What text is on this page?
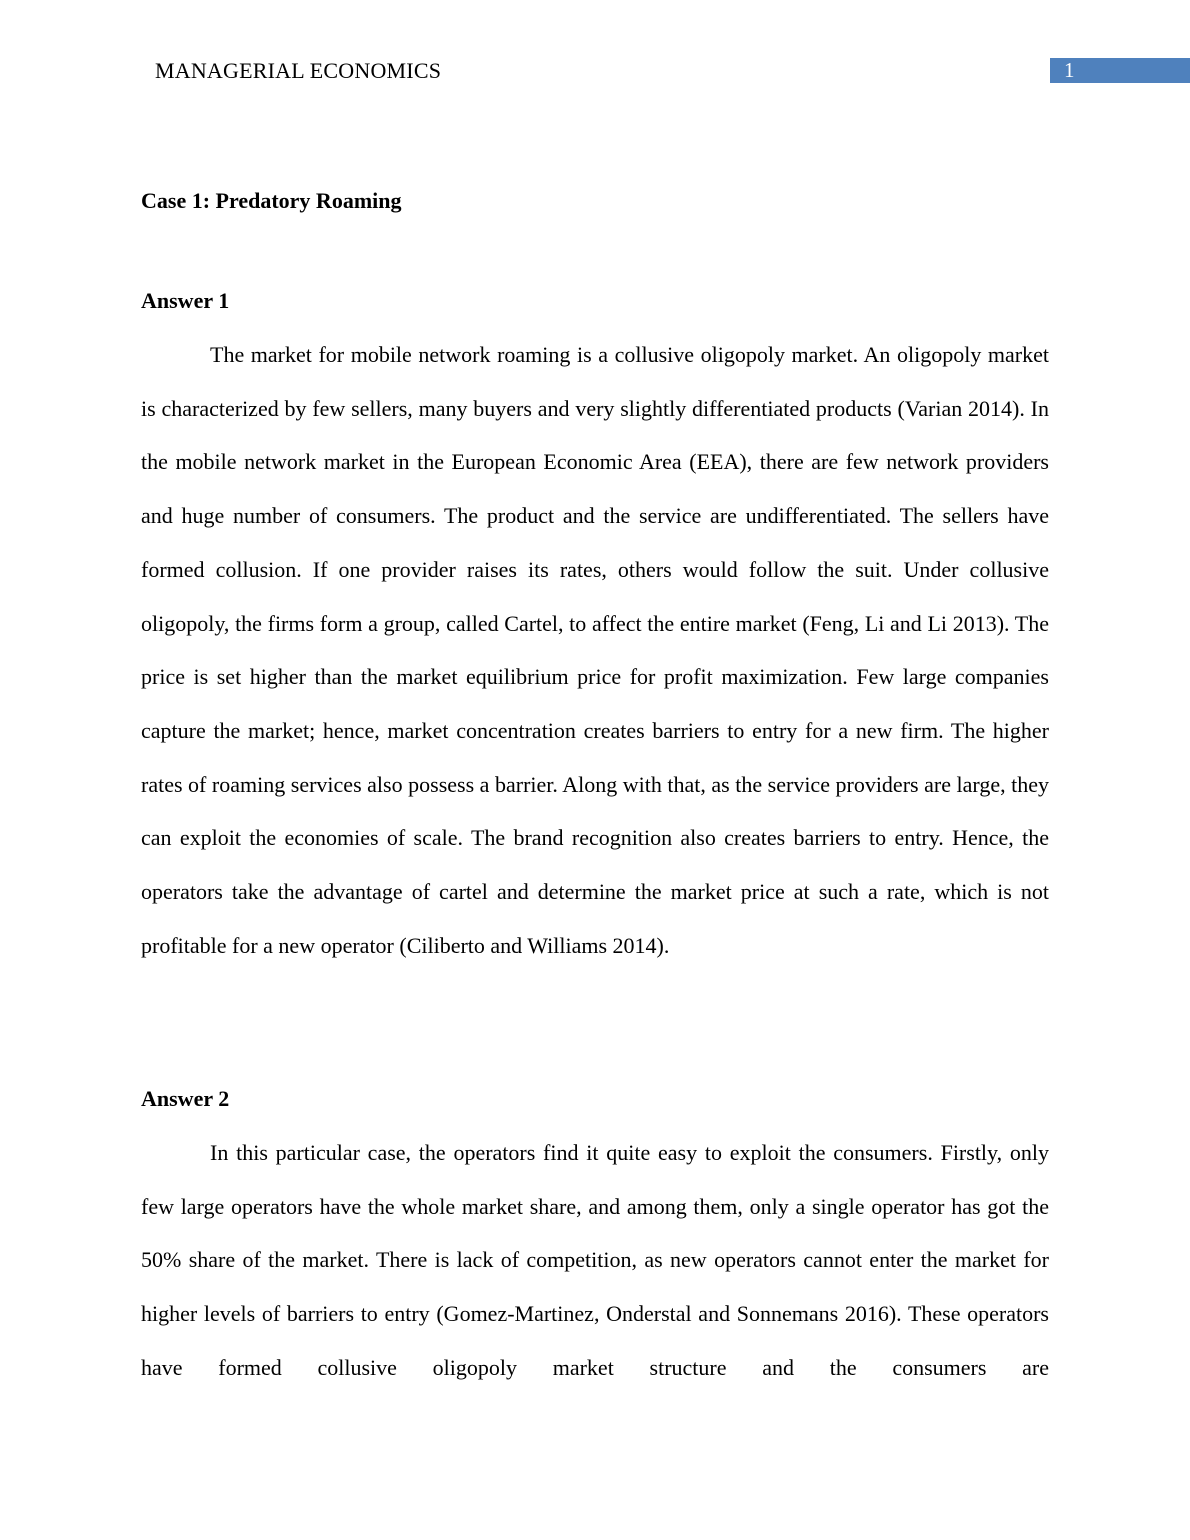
MANAGERIAL ECONOMICS	1
Case 1: Predatory Roaming
Answer 1

The market for mobile network roaming is a collusive oligopoly market. An oligopoly market is characterized by few sellers, many buyers and very slightly differentiated products (Varian 2014). In the mobile network market in the European Economic Area (EEA), there are few network providers and huge number of consumers. The product and the service are undifferentiated. The sellers have formed collusion. If one provider raises its rates, others would follow the suit. Under collusive oligopoly, the firms form a group, called Cartel, to affect the entire market (Feng, Li and Li 2013). The price is set higher than the market equilibrium price for profit maximization. Few large companies capture the market; hence, market concentration creates barriers to entry for a new firm. The higher rates of roaming services also possess a barrier. Along with that, as the service providers are large, they can exploit the economies of scale. The brand recognition also creates barriers to entry. Hence, the operators take the advantage of cartel and determine the market price at such a rate, which is not profitable for a new operator (Ciliberto and Williams 2014).

Answer 2

In this particular case, the operators find it quite easy to exploit the consumers. Firstly, only few large operators have the whole market share, and among them, only a single operator has got the 50% share of the market. There is lack of competition, as new operators cannot enter the market for higher levels of barriers to entry (Gomez-Martinez, Onderstal and Sonnemans 2016). These operators have formed collusive oligopoly market structure and the consumers are
